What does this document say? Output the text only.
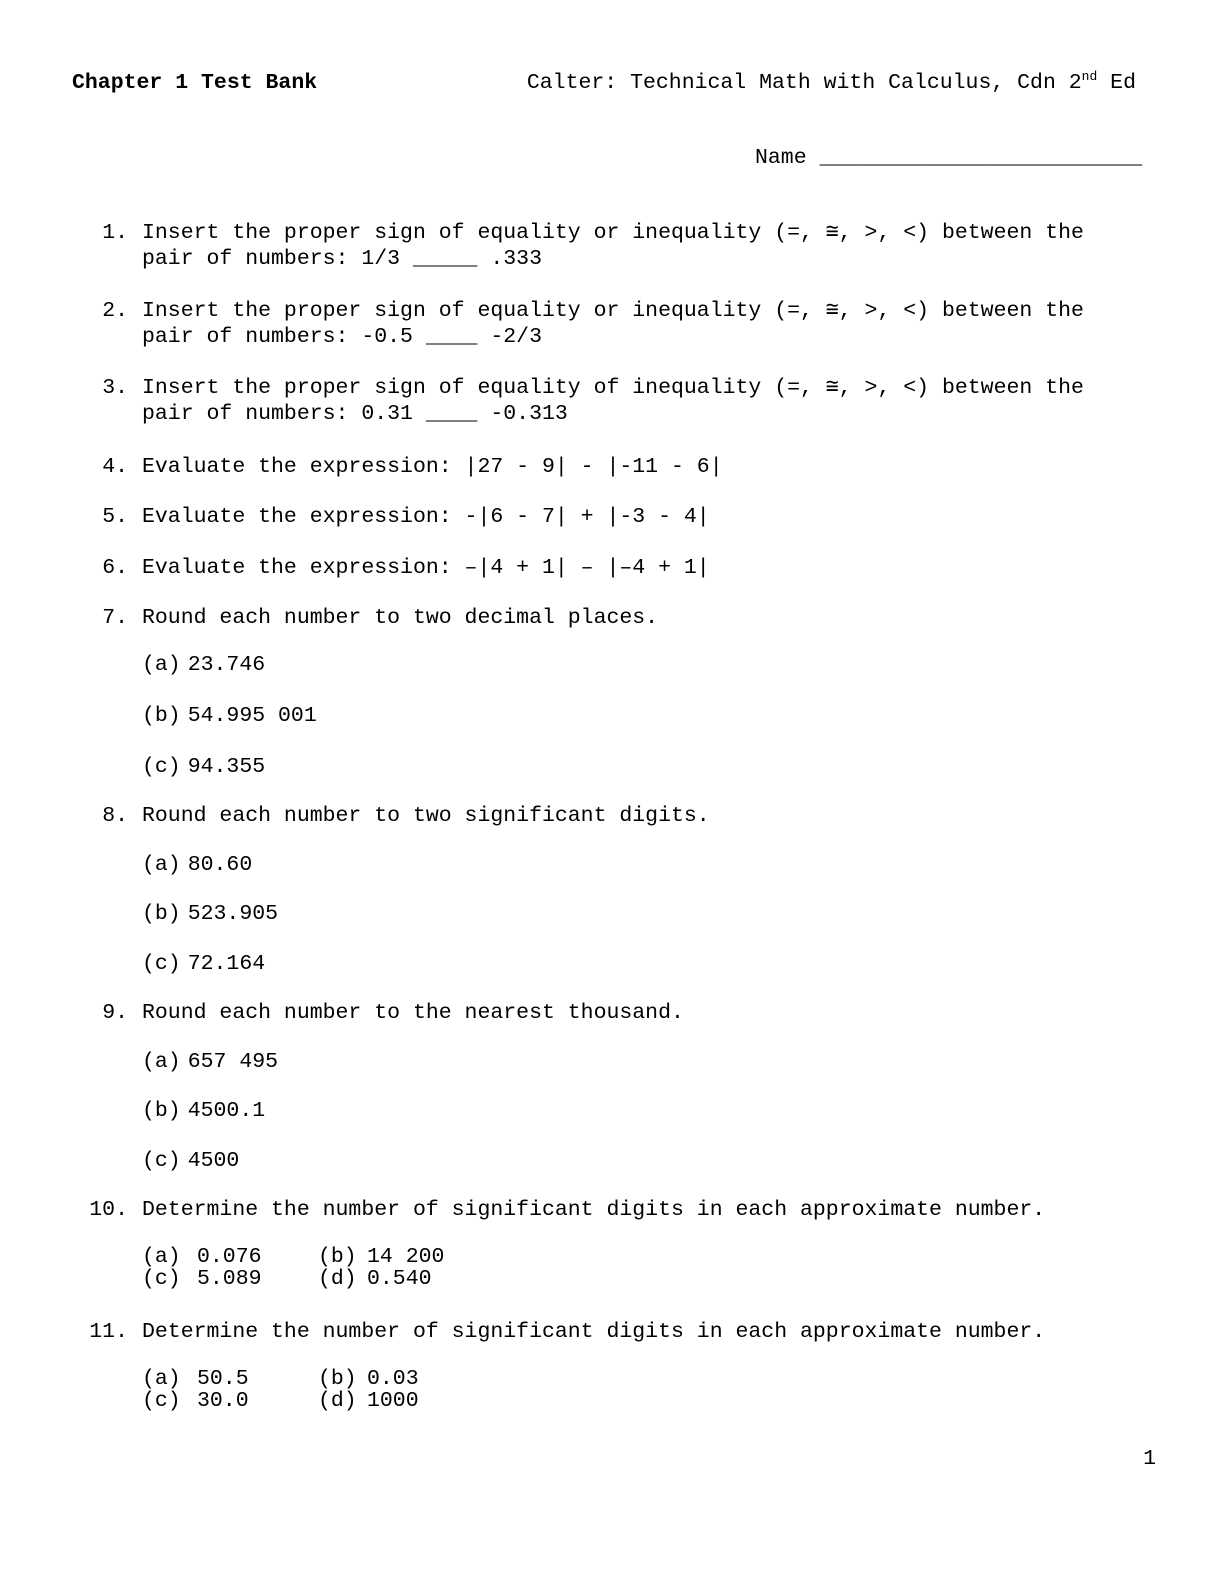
Chapter 1 Test Bank	Calter: Technical Math with Calculus, Cdn 2nd Ed
Name _________________________
1. Insert the proper sign of equality or inequality (=, ≅, >, <) between the
pair of numbers: 1/3 _____ .333
2. Insert the proper sign of equality or inequality (=, ≅, >, <) between the
pair of numbers: -0.5 ____ -2/3
3. Insert the proper sign of equality of inequality (=, ≅, >, <) between the
pair of numbers: 0.31 ____ -0.313
4. Evaluate the expression: |27 - 9| - |-11 - 6|
5. Evaluate the expression: -|6 - 7| + |-3 - 4|
6. Evaluate the expression: –|4 + 1| – |–4 + 1|
7. Round each number to two decimal places.
(a) 23.746
(b) 54.995 001
(c) 94.355
8. Round each number to two significant digits.
(a) 80.60
(b) 523.905
(c) 72.164
9. Round each number to the nearest thousand.
(a) 657 495
(b) 4500.1
(c) 4500
10. Determine the number of significant digits in each approximate number.
(a) 0.076	(b) 14 200
(c) 5.089	(d) 0.540
11. Determine the number of significant digits in each approximate number.
(a) 50.5	(b) 0.03
(c) 30.0	(d) 1000
1
